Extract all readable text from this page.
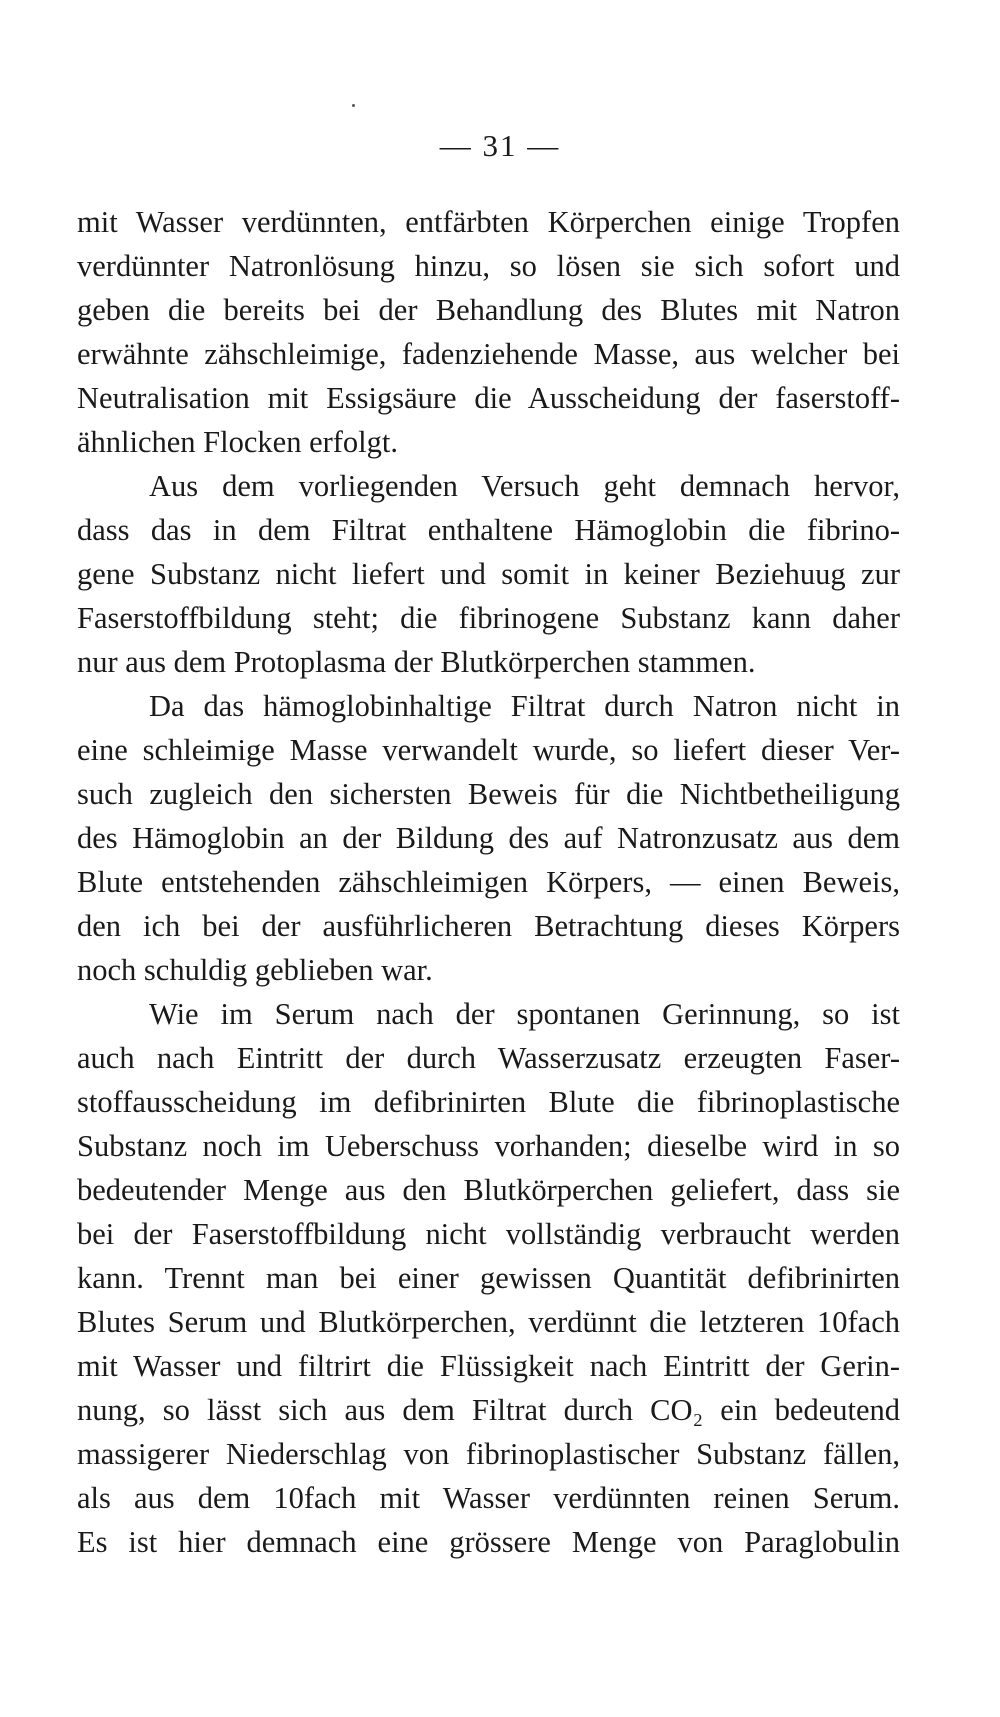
— 31 —
mit Wasser verdünnten, entfärbten Körperchen einige Tropfen
verdünnter Natronlösung hinzu, so lösen sie sich sofort und
geben die bereits bei der Behandlung des Blutes mit Natron
erwähnte zähschleimige, fadenziehende Masse, aus welcher bei
Neutralisation mit Essigsäure die Ausscheidung der faserstoff-
ähnlichen Flocken erfolgt.
Aus dem vorliegenden Versuch geht demnach hervor,
dass das in dem Filtrat enthaltene Hämoglobin die fibrino-
gene Substanz nicht liefert und somit in keiner Beziehuug zur
Faserstoffbildung steht; die fibrinogene Substanz kann daher
nur aus dem Protoplasma der Blutkörperchen stammen.
Da das hämoglobinhaltige Filtrat durch Natron nicht in
eine schleimige Masse verwandelt wurde, so liefert dieser Ver-
such zugleich den sichersten Beweis für die Nichtbetheiligung
des Hämoglobin an der Bildung des auf Natronzusatz aus dem
Blute entstehenden zähschleimigen Körpers, — einen Beweis,
den ich bei der ausführlicheren Betrachtung dieses Körpers
noch schuldig geblieben war.
Wie im Serum nach der spontanen Gerinnung, so ist
auch nach Eintritt der durch Wasserzusatz erzeugten Faser-
stoffausscheidung im defibrinirten Blute die fibrinoplastische
Substanz noch im Ueberschuss vorhanden; dieselbe wird in so
bedeutender Menge aus den Blutkörperchen geliefert, dass sie
bei der Faserstoffbildung nicht vollständig verbraucht werden
kann. Trennt man bei einer gewissen Quantität defibrinirten
Blutes Serum und Blutkörperchen, verdünnt die letzteren 10fach
mit Wasser und filtrirt die Flüssigkeit nach Eintritt der Gerin-
nung, so lässt sich aus dem Filtrat durch CO₂ ein bedeutend
massigerer Niederschlag von fibrinoplastischer Substanz fällen,
als aus dem 10fach mit Wasser verdünnten reinen Serum.
Es ist hier demnach eine grössere Menge von Paraglobulin
